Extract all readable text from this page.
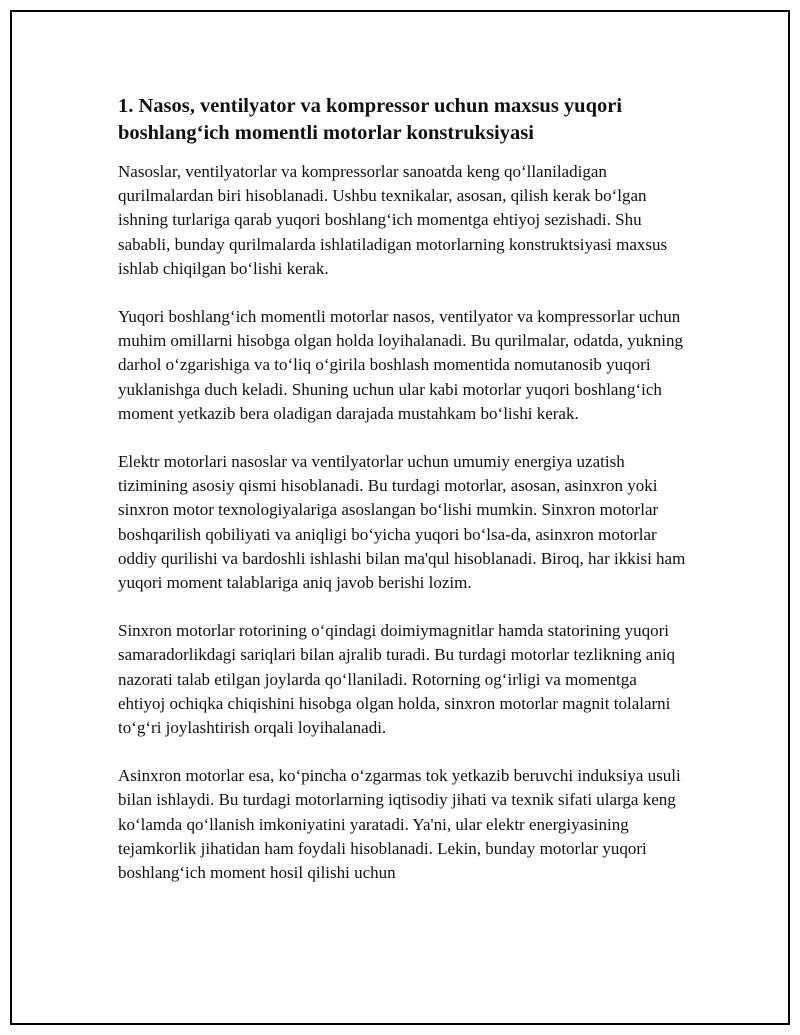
1. Nasos, ventilyator va kompressor uchun maxsus yuqori boshlang‘ich momentli motorlar konstruksiyasi

Nasoslar, ventilyatorlar va kompressorlar sanoatda keng qo‘llaniladigan qurilmalardan biri hisoblanadi. Ushbu texnikalar, asosan, qilish kerak bo‘lgan ishning turlariga qarab yuqori boshlang‘ich momentga ehtiyoj sezishadi. Shu sababli, bunday qurilmalarda ishlatiladigan motorlarning konstruktsiyasi maxsus ishlab chiqilgan bo‘lishi kerak.

Yuqori boshlang‘ich momentli motorlar nasos, ventilyator va kompressorlar uchun muhim omillarni hisobga olgan holda loyihalanadi. Bu qurilmalar, odatda, yukning darhol o‘zgarishiga va to‘liq o‘girila boshlash momentida nomutanosib yuqori yuklanishga duch keladi. Shuning uchun ular kabi motorlar yuqori boshlang‘ich moment yetkazib bera oladigan darajada mustahkam bo‘lishi kerak.

Elektr motorlari nasoslar va ventilyatorlar uchun umumiy energiya uzatish tizimining asosiy qismi hisoblanadi. Bu turdagi motorlar, asosan, asinxron yoki sinxron motor texnologiyalariga asoslangan bo‘lishi mumkin. Sinxron motorlar boshqarilish qobiliyati va aniqligi bo‘yicha yuqori bo‘lsa-da, asinxron motorlar oddiy qurilishi va bardoshli ishlashi bilan ma'qul hisoblanadi. Biroq, har ikkisi ham yuqori moment talablariga aniq javob berishi lozim.

Sinxron motorlar rotorining o‘qindagi doimiymagnitlar hamda statorining yuqori samaradorlikdagi sariqlari bilan ajralib turadi. Bu turdagi motorlar tezlikning aniq nazorati talab etilgan joylarda qo‘llaniladi. Rotorning og‘irligi va momentga ehtiyoj ochiqka chiqishini hisobga olgan holda, sinxron motorlar magnit tolalarni to‘g‘ri joylashtirish orqali loyihalanadi.

Asinxron motorlar esa, ko‘pincha o‘zgarmas tok yetkazib beruvchi induksiya usuli bilan ishlaydi. Bu turdagi motorlarning iqtisodiy jihati va texnik sifati ularga keng ko‘lamda qo‘llanish imkoniyatini yaratadi. Ya'ni, ular elektr energiyasining tejamkorlik jihatidan ham foydali hisoblanadi. Lekin, bunday motorlar yuqori boshlang‘ich moment hosil qilishi uchun
